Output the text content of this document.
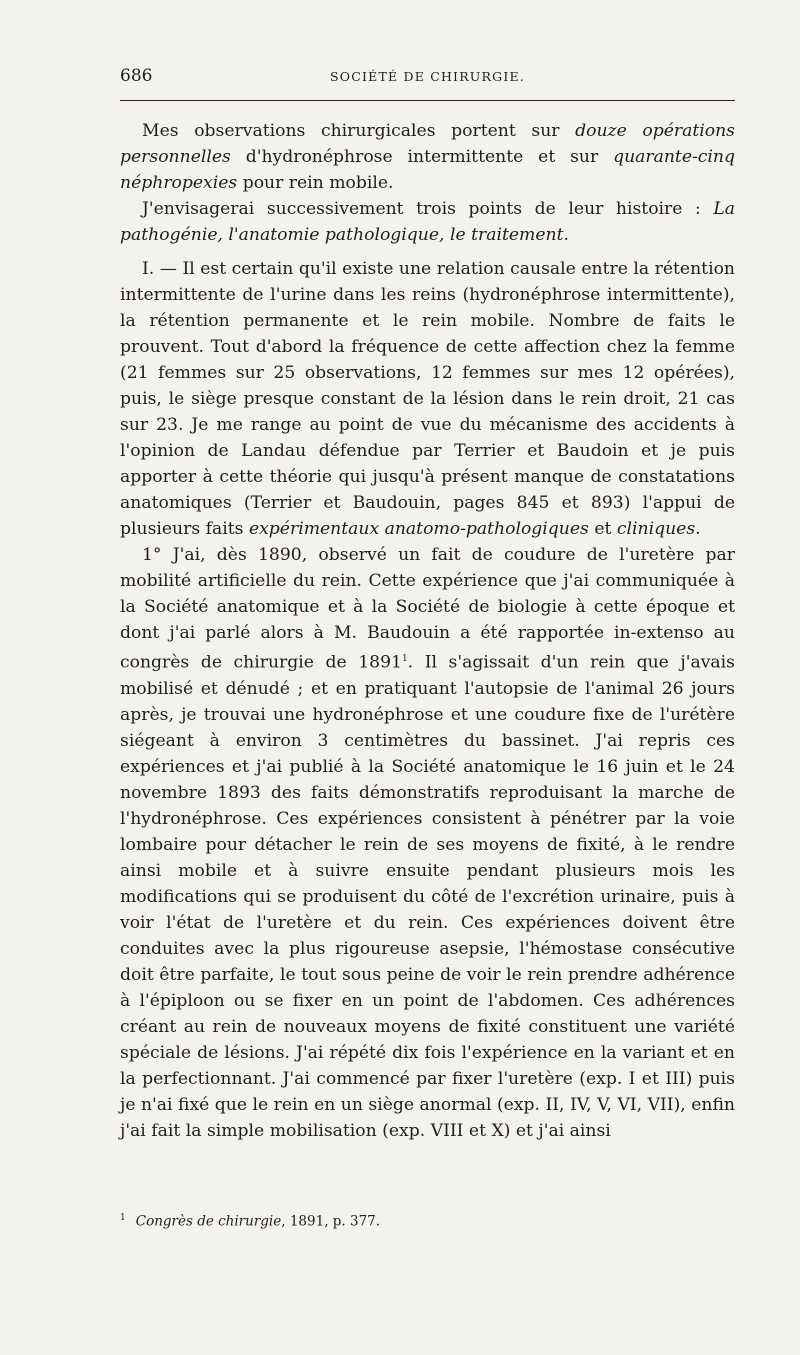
686	SOCIÉTÉ DE CHIRURGIE.

Mes observations chirurgicales portent sur douze opérations personnelles d'hydronéphrose intermittente et sur quarante-cinq néphropexies pour rein mobile.

J'envisagerai successivement trois points de leur histoire : La pathogénie, l'anatomie pathologique, le traitement.

I. — Il est certain qu'il existe une relation causale entre la rétention intermittente de l'urine dans les reins (hydronéphrose intermittente), la rétention permanente et le rein mobile. Nombre de faits le prouvent. Tout d'abord la fréquence de cette affection chez la femme (21 femmes sur 25 observations, 12 femmes sur mes 12 opérées), puis, le siège presque constant de la lésion dans le rein droit, 21 cas sur 23. Je me range au point de vue du mécanisme des accidents à l'opinion de Landau défendue par Terrier et Baudoin et je puis apporter à cette théorie qui jusqu'à présent manque de constatations anatomiques (Terrier et Baudouin, pages 845 et 893) l'appui de plusieurs faits expérimentaux anatomo-pathologiques et cliniques.

1° J'ai, dès 1890, observé un fait de coudure de l'uretère par mobilité artificielle du rein. Cette expérience que j'ai communiquée à la Société anatomique et à la Société de biologie à cette époque et dont j'ai parlé alors à M. Baudouin a été rapportée in-extenso au congrès de chirurgie de 1891$^1$. Il s'agissait d'un rein que j'avais mobilisé et dénudé ; et en pratiquant l'autopsie de l'animal 26 jours après, je trouvai une hydronéphrose et une coudure fixe de l'urétère siégeant à environ 3 centimètres du bassinet. J'ai repris ces expériences et j'ai publié à la Société anatomique le 16 juin et le 24 novembre 1893 des faits démonstratifs reproduisant la marche de l'hydronéphrose. Ces expériences consistent à pénétrer par la voie lombaire pour détacher le rein de ses moyens de fixité, à le rendre ainsi mobile et à suivre ensuite pendant plusieurs mois les modifications qui se produisent du côté de l'excrétion urinaire, puis à voir l'état de l'uretère et du rein. Ces expériences doivent être conduites avec la plus rigoureuse asepsie, l'hémostase consécutive doit être parfaite, le tout sous peine de voir le rein prendre adhérence à l'épiploon ou se fixer en un point de l'abdomen. Ces adhérences créant au rein de nouveaux moyens de fixité constituent une variété spéciale de lésions. J'ai répété dix fois l'expérience en la variant et en la perfectionnant. J'ai commencé par fixer l'uretère (exp. I et III) puis je n'ai fixé que le rein en un siège anormal (exp. II, IV, V, VI, VII), enfin j'ai fait la simple mobilisation (exp. VIII et X) et j'ai ainsi

$^1$ Congrès de chirurgie, 1891, p. 377.
